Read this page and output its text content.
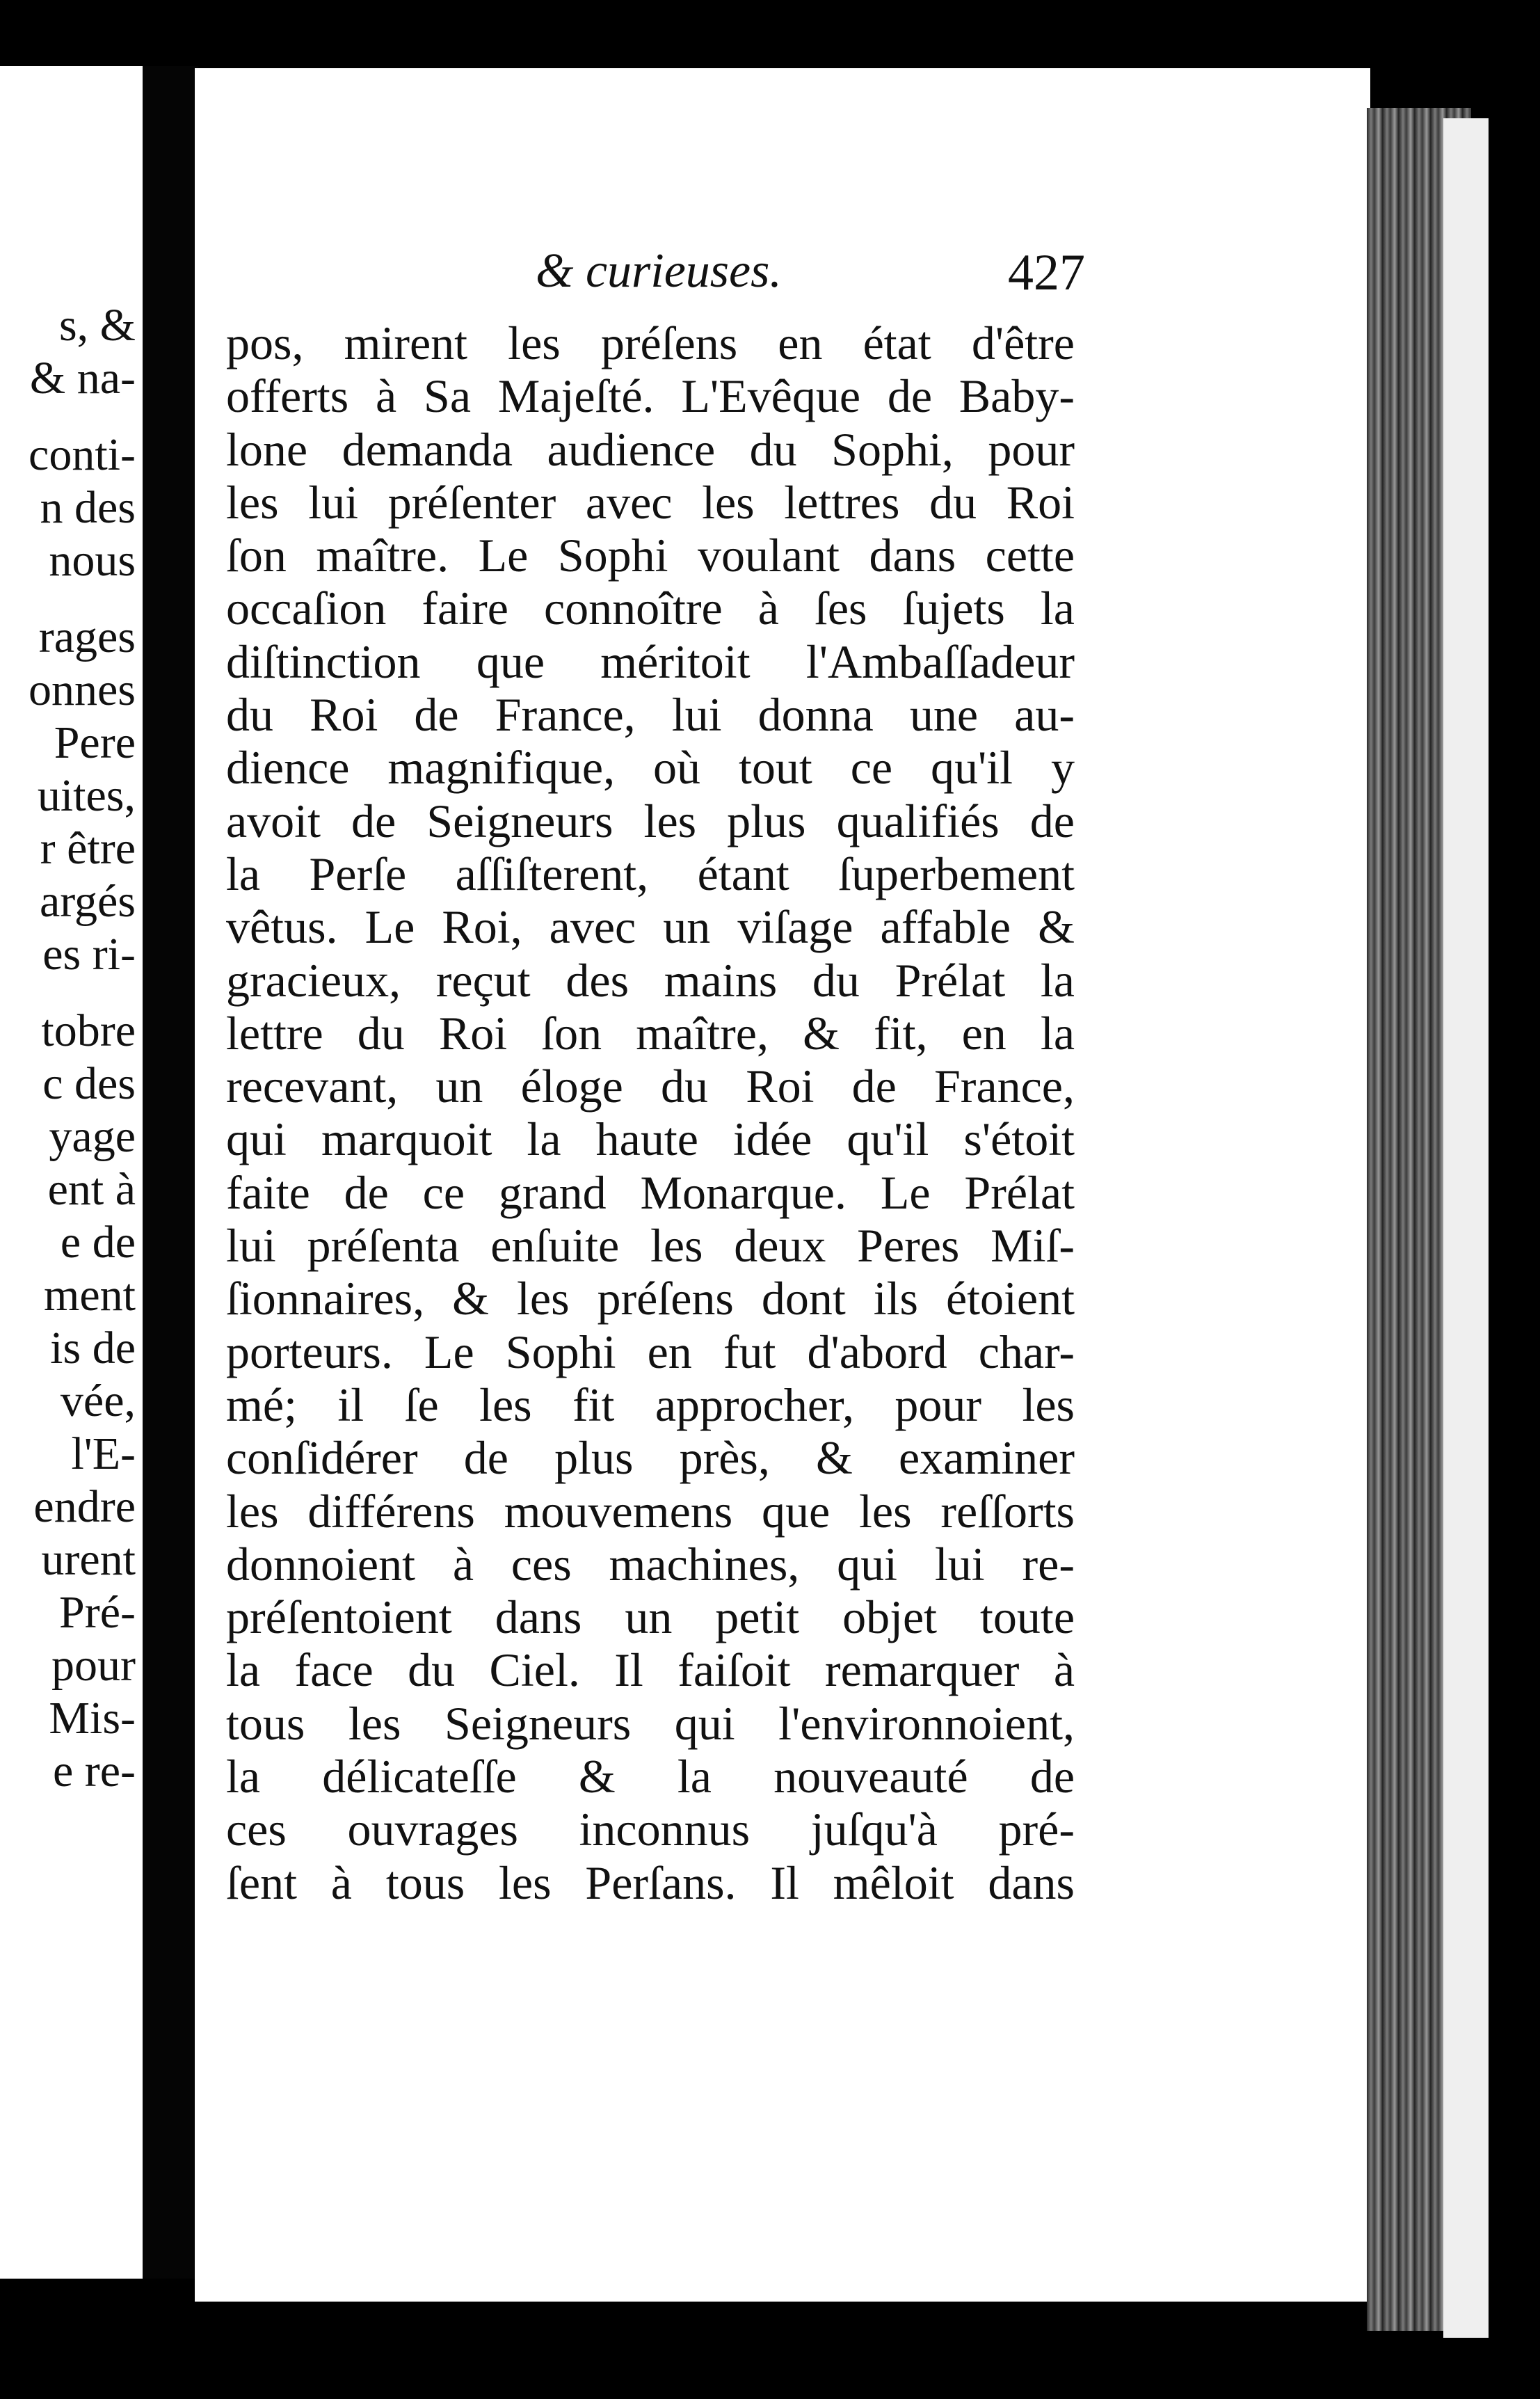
s, &
& na-
conti-
n des
nous
rages
onnes
Pere
uites,
r être
argés
es ri-
tobre
c des
yage
ent à
e de
ment
is de
vée,
l'E-
endre
urent
Pré-
pour
Mis-
e re-
& curieuses.	427
pos, mirent les préſens en état d'être
offerts à Sa Majeſté. L'Evêque de Baby-
lone demanda audience du Sophi, pour
les lui préſenter avec les lettres du Roi
ſon maître. Le Sophi voulant dans cette
occaſion faire connoître à ſes ſujets la
diſtinction que méritoit l'Ambaſſadeur
du Roi de France, lui donna une au-
dience magnifique, où tout ce qu'il y
avoit de Seigneurs les plus qualifiés de
la Perſe aſſiſterent, étant ſuperbement
vêtus. Le Roi, avec un viſage affable &
gracieux, reçut des mains du Prélat la
lettre du Roi ſon maître, & fit, en la
recevant, un éloge du Roi de France,
qui marquoit la haute idée qu'il s'étoit
faite de ce grand Monarque. Le Prélat
lui préſenta enſuite les deux Peres Miſ-
ſionnaires, & les préſens dont ils étoient
porteurs. Le Sophi en fut d'abord char-
mé; il ſe les fit approcher, pour les
conſidérer de plus près, & examiner
les différens mouvemens que les reſſorts
donnoient à ces machines, qui lui re-
préſentoient dans un petit objet toute
la face du Ciel. Il faiſoit remarquer à
tous les Seigneurs qui l'environnoient,
la délicateſſe & la nouveauté de
ces ouvrages inconnus juſqu'à pré-
ſent à tous les Perſans. Il mêloit dans
